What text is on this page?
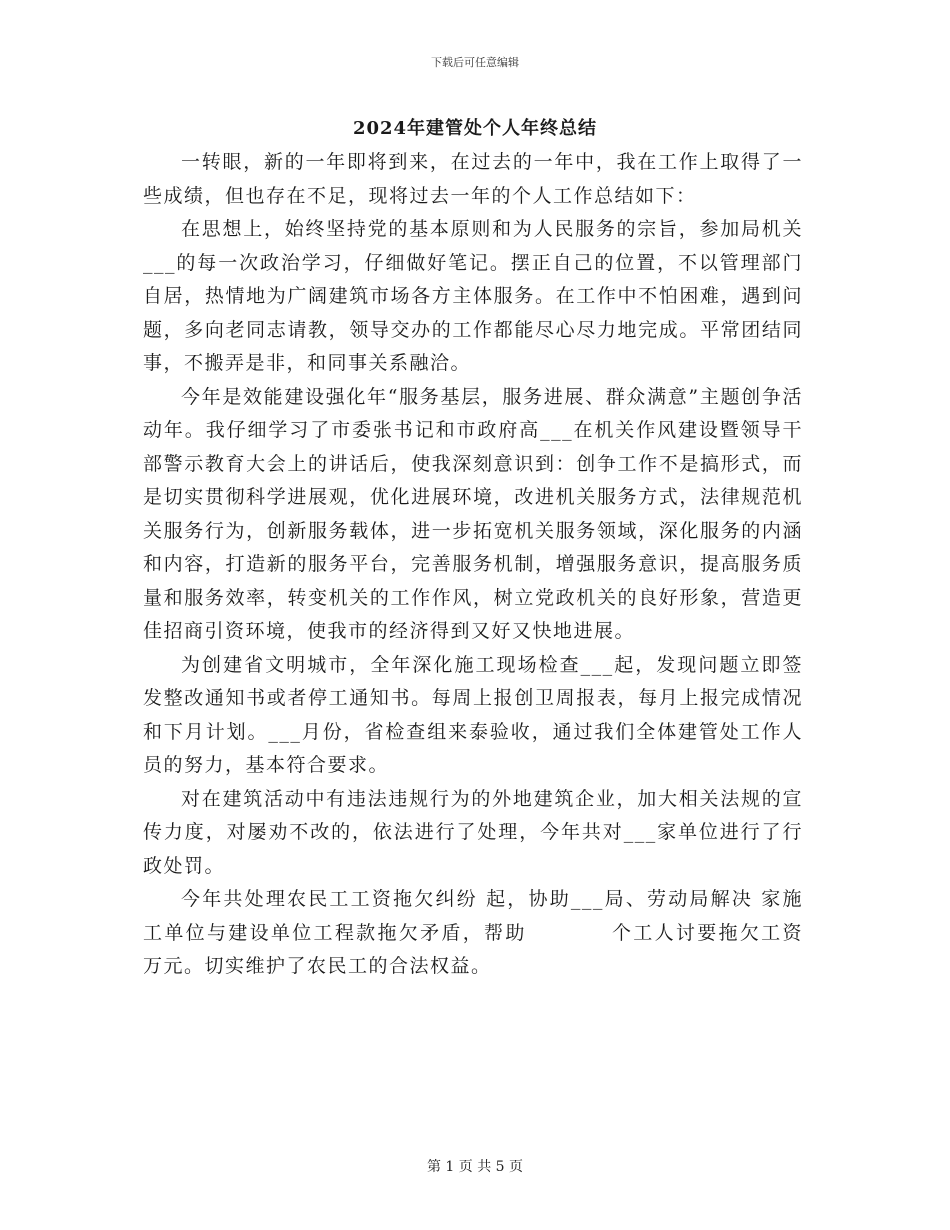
下载后可任意编辑
2024年建管处个人年终总结

一转眼，新的一年即将到来，在过去的一年中，我在工作上取得了一些成绩，但也存在不足，现将过去一年的个人工作总结如下：

在思想上，始终坚持党的基本原则和为人民服务的宗旨，参加局机关___的每一次政治学习，仔细做好笔记。摆正自己的位置，不以管理部门自居，热情地为广阔建筑市场各方主体服务。在工作中不怕困难，遇到问题，多向老同志请教，领导交办的工作都能尽心尽力地完成。平常团结同事，不搬弄是非，和同事关系融洽。

今年是效能建设强化年“服务基层，服务进展、群众满意”主题创争活动年。我仔细学习了市委张书记和市政府高___在机关作风建设暨领导干部警示教育大会上的讲话后，使我深刻意识到：创争工作不是搞形式，而是切实贯彻科学进展观，优化进展环境，改进机关服务方式，法律规范机关服务行为，创新服务载体，进一步拓宽机关服务领域，深化服务的内涵和内容，打造新的服务平台，完善服务机制，增强服务意识，提高服务质量和服务效率，转变机关的工作作风，树立党政机关的良好形象，营造更佳招商引资环境，使我市的经济得到又好又快地进展。

为创建省文明城市，全年深化施工现场检查___起，发现问题立即签发整改通知书或者停工通知书。每周上报创卫周报表，每月上报完成情况和下月计划。___月份，省检查组来泰验收，通过我们全体建管处工作人员的努力，基本符合要求。

对在建筑活动中有违法违规行为的外地建筑企业，加大相关法规的宣传力度，对屡劝不改的，依法进行了处理，今年共对___家单位进行了行政处罚。

今年共处理农民工工资拖欠纠纷 起，协助___局、劳动局解决 家施工单位与建设单位工程款拖欠矛盾，帮助　　　　个工人讨要拖欠工资　　万元。切实维护了农民工的合法权益。

第 1 页 共 5 页
